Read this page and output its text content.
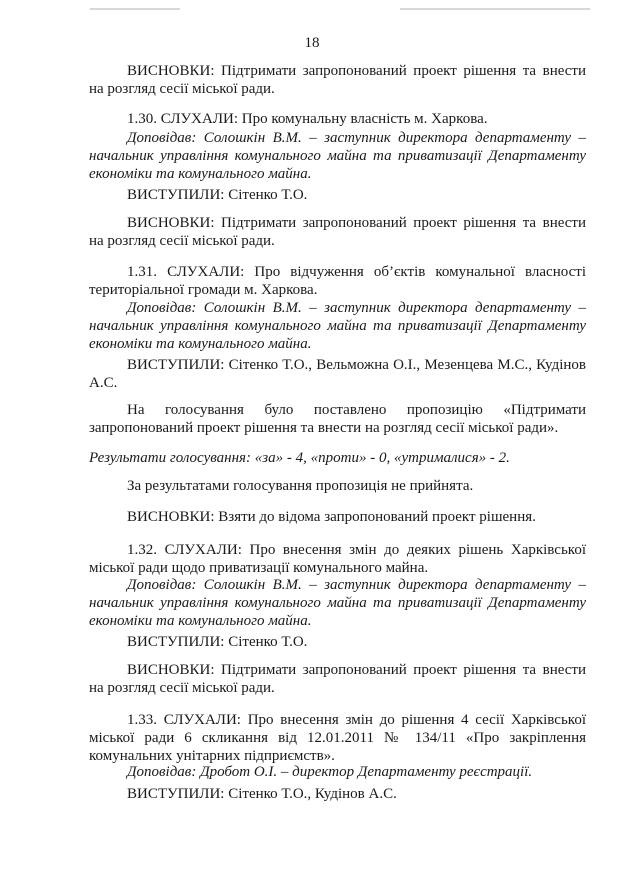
18

ВИСНОВКИ: Підтримати запропонований проект рішення та внести на розгляд сесії міської ради.

1.30. СЛУХАЛИ: Про комунальну власність м. Харкова.

Доповідав: Солошкін В.М. – заступник директора департаменту – начальник управління комунального майна та приватизації Департаменту економіки та комунального майна.

ВИСТУПИЛИ: Сітенко Т.О.

ВИСНОВКИ: Підтримати запропонований проект рішення та внести на розгляд сесії міської ради.

1.31. СЛУХАЛИ: Про відчуження об’єктів комунальної власності територіальної громади м. Харкова.

Доповідав: Солошкін В.М. – заступник директора департаменту – начальник управління комунального майна та приватизації Департаменту економіки та комунального майна.

ВИСТУПИЛИ: Сітенко Т.О., Вельможна О.І., Мезенцева М.С., Кудінов А.С.

На голосування було поставлено пропозицію «Підтримати запропонований проект рішення та внести на розгляд сесії міської ради».

Результати голосування: «за» - 4, «проти» - 0, «утрималися» - 2.

За результатами голосування пропозиція не прийнята.

ВИСНОВКИ: Взяти до відома запропонований проект рішення.

1.32. СЛУХАЛИ: Про внесення змін до деяких рішень Харківської міської ради щодо приватизації комунального майна.

Доповідав: Солошкін В.М. – заступник директора департаменту – начальник управління комунального майна та приватизації Департаменту економіки та комунального майна.

ВИСТУПИЛИ: Сітенко Т.О.

ВИСНОВКИ: Підтримати запропонований проект рішення та внести на розгляд сесії міської ради.

1.33. СЛУХАЛИ: Про внесення змін до рішення 4 сесії Харківської міської ради 6 скликання від 12.01.2011 № 134/11 «Про закріплення комунальних унітарних підприємств».

Доповідав: Дробот О.І. – директор Департаменту реєстрації.

ВИСТУПИЛИ: Сітенко Т.О., Кудінов А.С.
